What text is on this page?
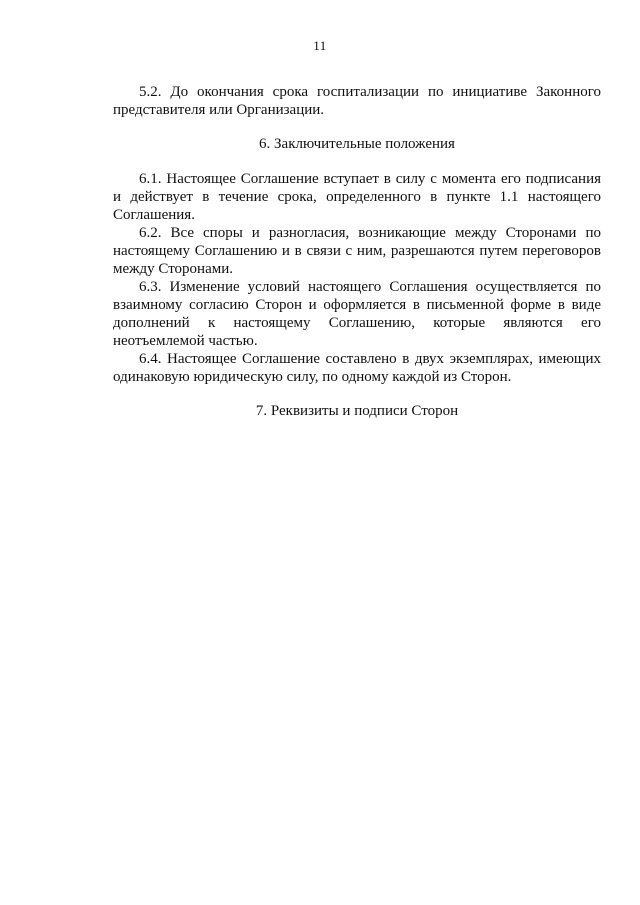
11

5.2. До окончания срока госпитализации по инициативе Законного представителя или Организации.

6. Заключительные положения

6.1. Настоящее Соглашение вступает в силу с момента его подписания и действует в течение срока, определенного в пункте 1.1 настоящего Соглашения.

6.2. Все споры и разногласия, возникающие между Сторонами по настоящему Соглашению и в связи с ним, разрешаются путем переговоров между Сторонами.

6.3. Изменение условий настоящего Соглашения осуществляется по взаимному согласию Сторон и оформляется в письменной форме в виде дополнений к настоящему Соглашению, которые являются его неотъемлемой частью.

6.4. Настоящее Соглашение составлено в двух экземплярах, имеющих одинаковую юридическую силу, по одному каждой из Сторон.

7. Реквизиты и подписи Сторон
